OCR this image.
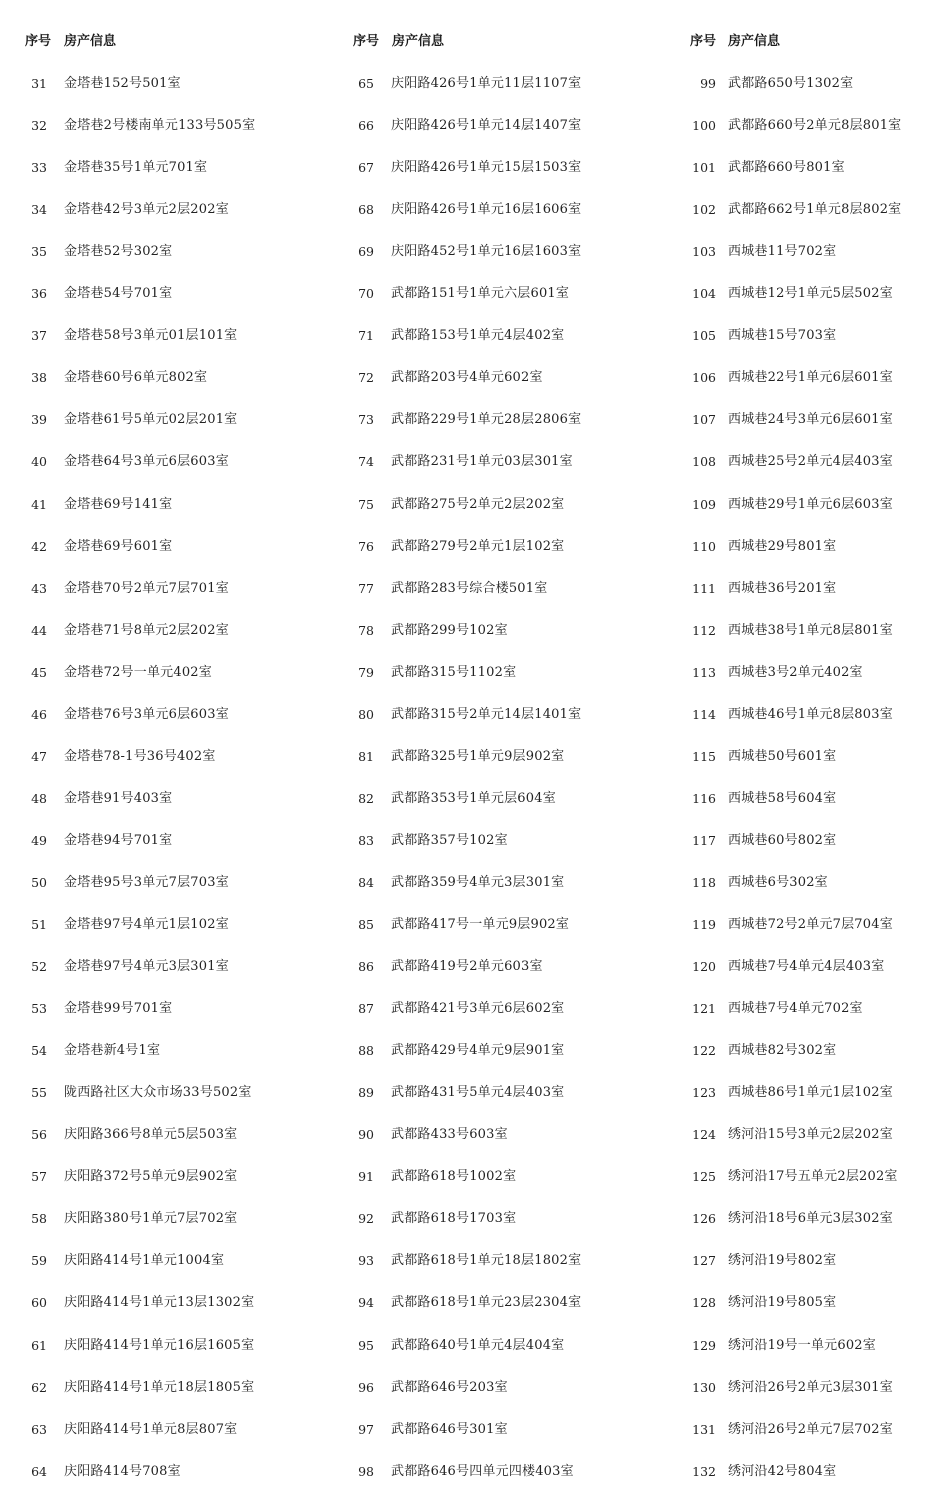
序号 房产信息
31 金塔巷152号501室
32 金塔巷2号楼南单元133号505室
33 金塔巷35号1单元701室
34 金塔巷42号3单元2层202室
35 金塔巷52号302室
36 金塔巷54号701室
37 金塔巷58号3单元01层101室
38 金塔巷60号6单元802室
39 金塔巷61号5单元02层201室
40 金塔巷64号3单元6层603室
41 金塔巷69号141室
42 金塔巷69号601室
43 金塔巷70号2单元7层701室
44 金塔巷71号8单元2层202室
45 金塔巷72号一单元402室
46 金塔巷76号3单元6层603室
47 金塔巷78-1号36号402室
48 金塔巷91号403室
49 金塔巷94号701室
50 金塔巷95号3单元7层703室
51 金塔巷97号4单元1层102室
52 金塔巷97号4单元3层301室
53 金塔巷99号701室
54 金塔巷新4号1室
55 陇西路社区大众市场33号502室
56 庆阳路366号8单元5层503室
57 庆阳路372号5单元9层902室
58 庆阳路380号1单元7层702室
59 庆阳路414号1单元1004室
60 庆阳路414号1单元13层1302室
61 庆阳路414号1单元16层1605室
62 庆阳路414号1单元18层1805室
63 庆阳路414号1单元8层807室
64 庆阳路414号708室
序号 房产信息
65 庆阳路426号1单元11层1107室
66 庆阳路426号1单元14层1407室
67 庆阳路426号1单元15层1503室
68 庆阳路426号1单元16层1606室
69 庆阳路452号1单元16层1603室
70 武都路151号1单元六层601室
71 武都路153号1单元4层402室
72 武都路203号4单元602室
73 武都路229号1单元28层2806室
74 武都路231号1单元03层301室
75 武都路275号2单元2层202室
76 武都路279号2单元1层102室
77 武都路283号综合楼501室
78 武都路299号102室
79 武都路315号1102室
80 武都路315号2单元14层1401室
81 武都路325号1单元9层902室
82 武都路353号1单元层604室
83 武都路357号102室
84 武都路359号4单元3层301室
85 武都路417号一单元9层902室
86 武都路419号2单元603室
87 武都路421号3单元6层602室
88 武都路429号4单元9层901室
89 武都路431号5单元4层403室
90 武都路433号603室
91 武都路618号1002室
92 武都路618号1703室
93 武都路618号1单元18层1802室
94 武都路618号1单元23层2304室
95 武都路640号1单元4层404室
96 武都路646号203室
97 武都路646号301室
98 武都路646号四单元四楼403室
序号 房产信息
99 武都路650号1302室
100 武都路660号2单元8层801室
101 武都路660号801室
102 武都路662号1单元8层802室
103 西城巷11号702室
104 西城巷12号1单元5层502室
105 西城巷15号703室
106 西城巷22号1单元6层601室
107 西城巷24号3单元6层601室
108 西城巷25号2单元4层403室
109 西城巷29号1单元6层603室
110 西城巷29号801室
111 西城巷36号201室
112 西城巷38号1单元8层801室
113 西城巷3号2单元402室
114 西城巷46号1单元8层803室
115 西城巷50号601室
116 西城巷58号604室
117 西城巷60号802室
118 西城巷6号302室
119 西城巷72号2单元7层704室
120 西城巷7号4单元4层403室
121 西城巷7号4单元702室
122 西城巷82号302室
123 西城巷86号1单元1层102室
124 绣河沿15号3单元2层202室
125 绣河沿17号五单元2层202室
126 绣河沿18号6单元3层302室
127 绣河沿19号802室
128 绣河沿19号805室
129 绣河沿19号一单元602室
130 绣河沿26号2单元3层301室
131 绣河沿26号2单元7层702室
132 绣河沿42号804室
